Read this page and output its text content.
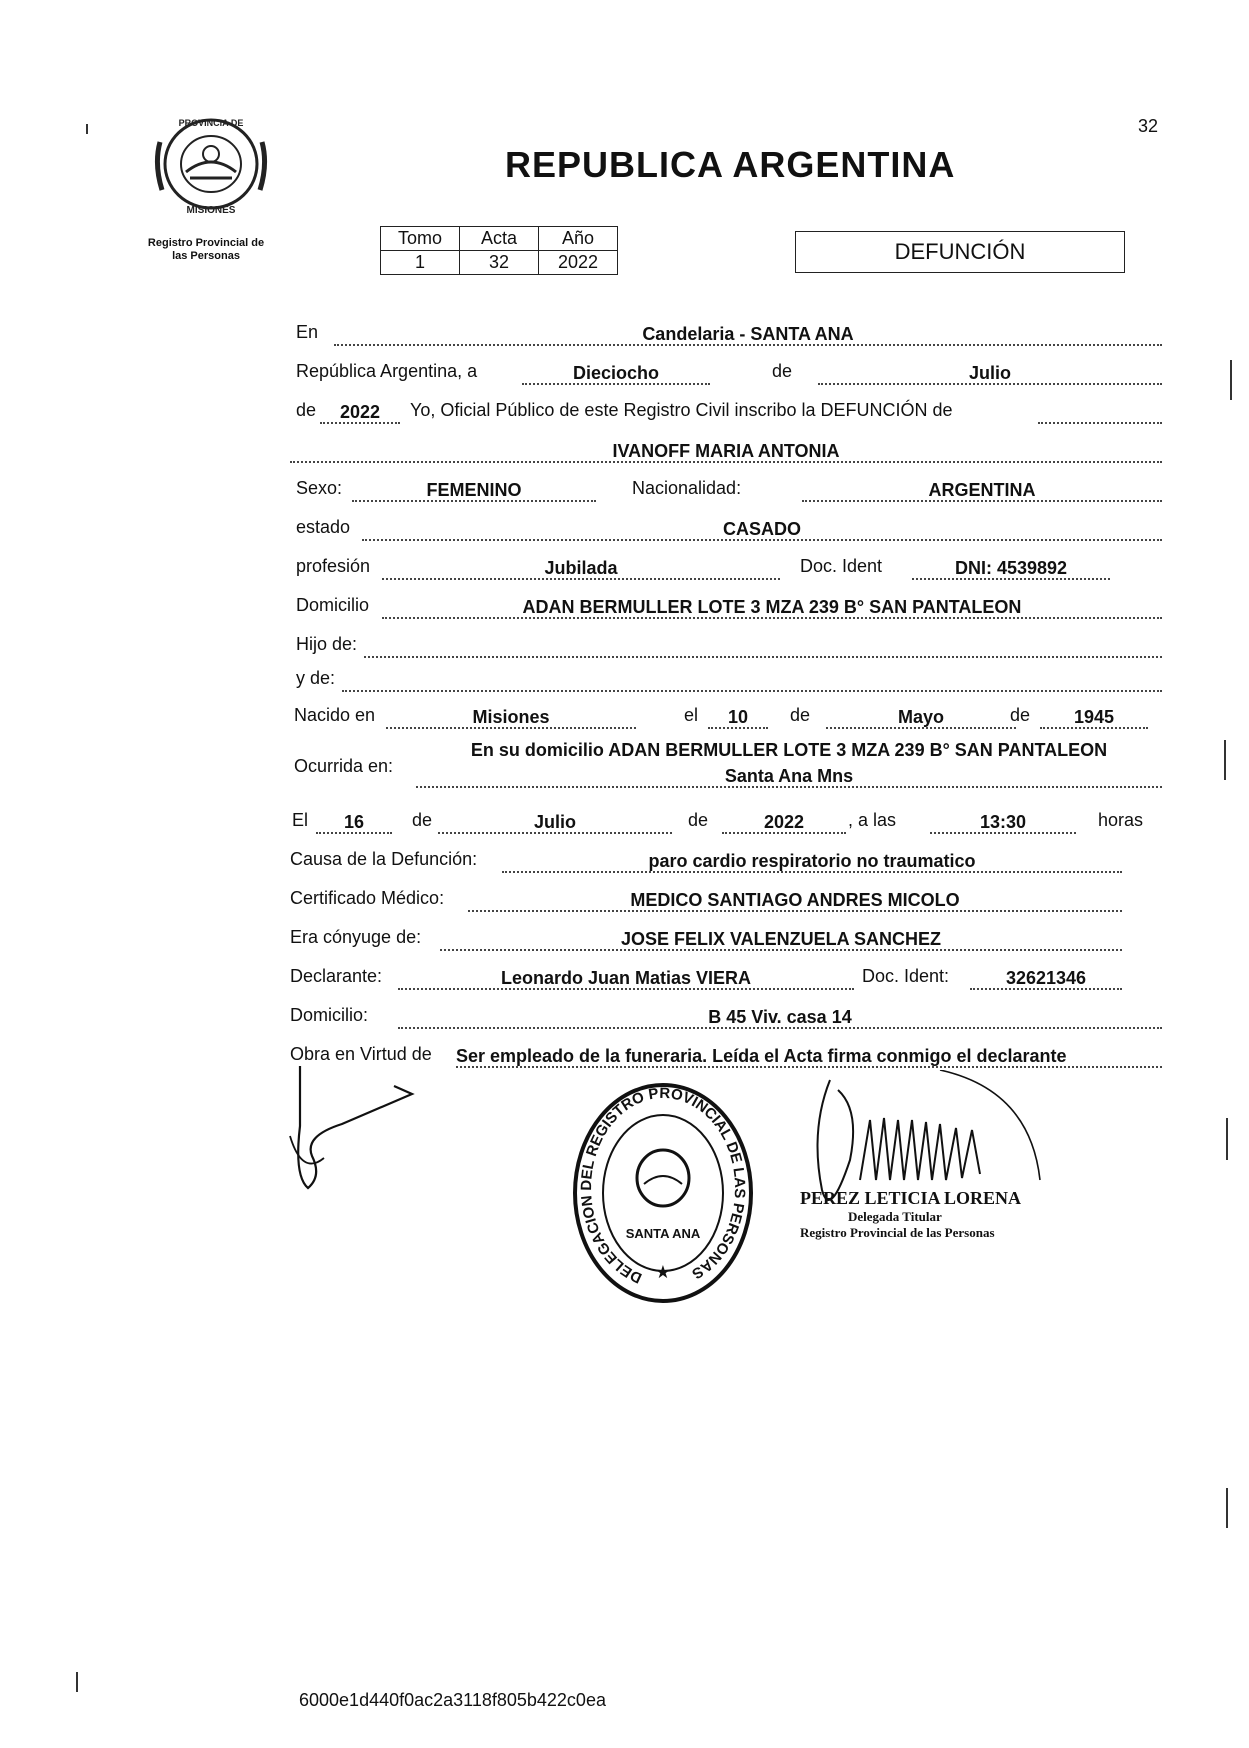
32
PROVINCIA DE
MISIONES
Registro Provincial de
las Personas
REPUBLICA ARGENTINA
Tomo	Acta	Año
1	32	2022	DEFUNCIÓN
En	Candelaria - SANTA ANA
República Argentina, a	Dieciocho	de	Julio
de	2022	Yo, Oficial Público de este Registro Civil inscribo la DEFUNCIÓN de
IVANOFF MARIA ANTONIA
Sexo:	FEMENINO	Nacionalidad:	ARGENTINA
estado	CASADO
profesión	Jubilada	Doc. Ident	DNI: 4539892
Domicilio	ADAN BERMULLER LOTE 3 MZA 239 B° SAN PANTALEON
Hijo de:
y de:
Nacido en	Misiones	el	10	de	Mayo	de	1945
Ocurrida en:
En su domicilio ADAN BERMULLER LOTE 3 MZA 239 B° SAN PANTALEON
Santa Ana Mns
El	16	de	Julio	de	2022	, a las	13:30	horas
Causa de la Defunción:	paro cardio respiratorio no traumatico
Certificado Médico:	MEDICO SANTIAGO ANDRES MICOLO
Era cónyuge de:	JOSE FELIX VALENZUELA SANCHEZ
Declarante:	Leonardo Juan Matias VIERA	Doc. Ident:	32621346
Domicilio:	B 45 Viv. casa 14
Obra en Virtud de Ser empleado de la funeraria. Leída el Acta firma conmigo el declarante
DELEGACION DEL REGISTRO PROVINCIAL DE LAS PERSONAS
SANTA ANA
★
PEREZ LETICIA LORENA
Delegada Titular
Registro Provincial de las Personas
6000e1d440f0ac2a3118f805b422c0ea
